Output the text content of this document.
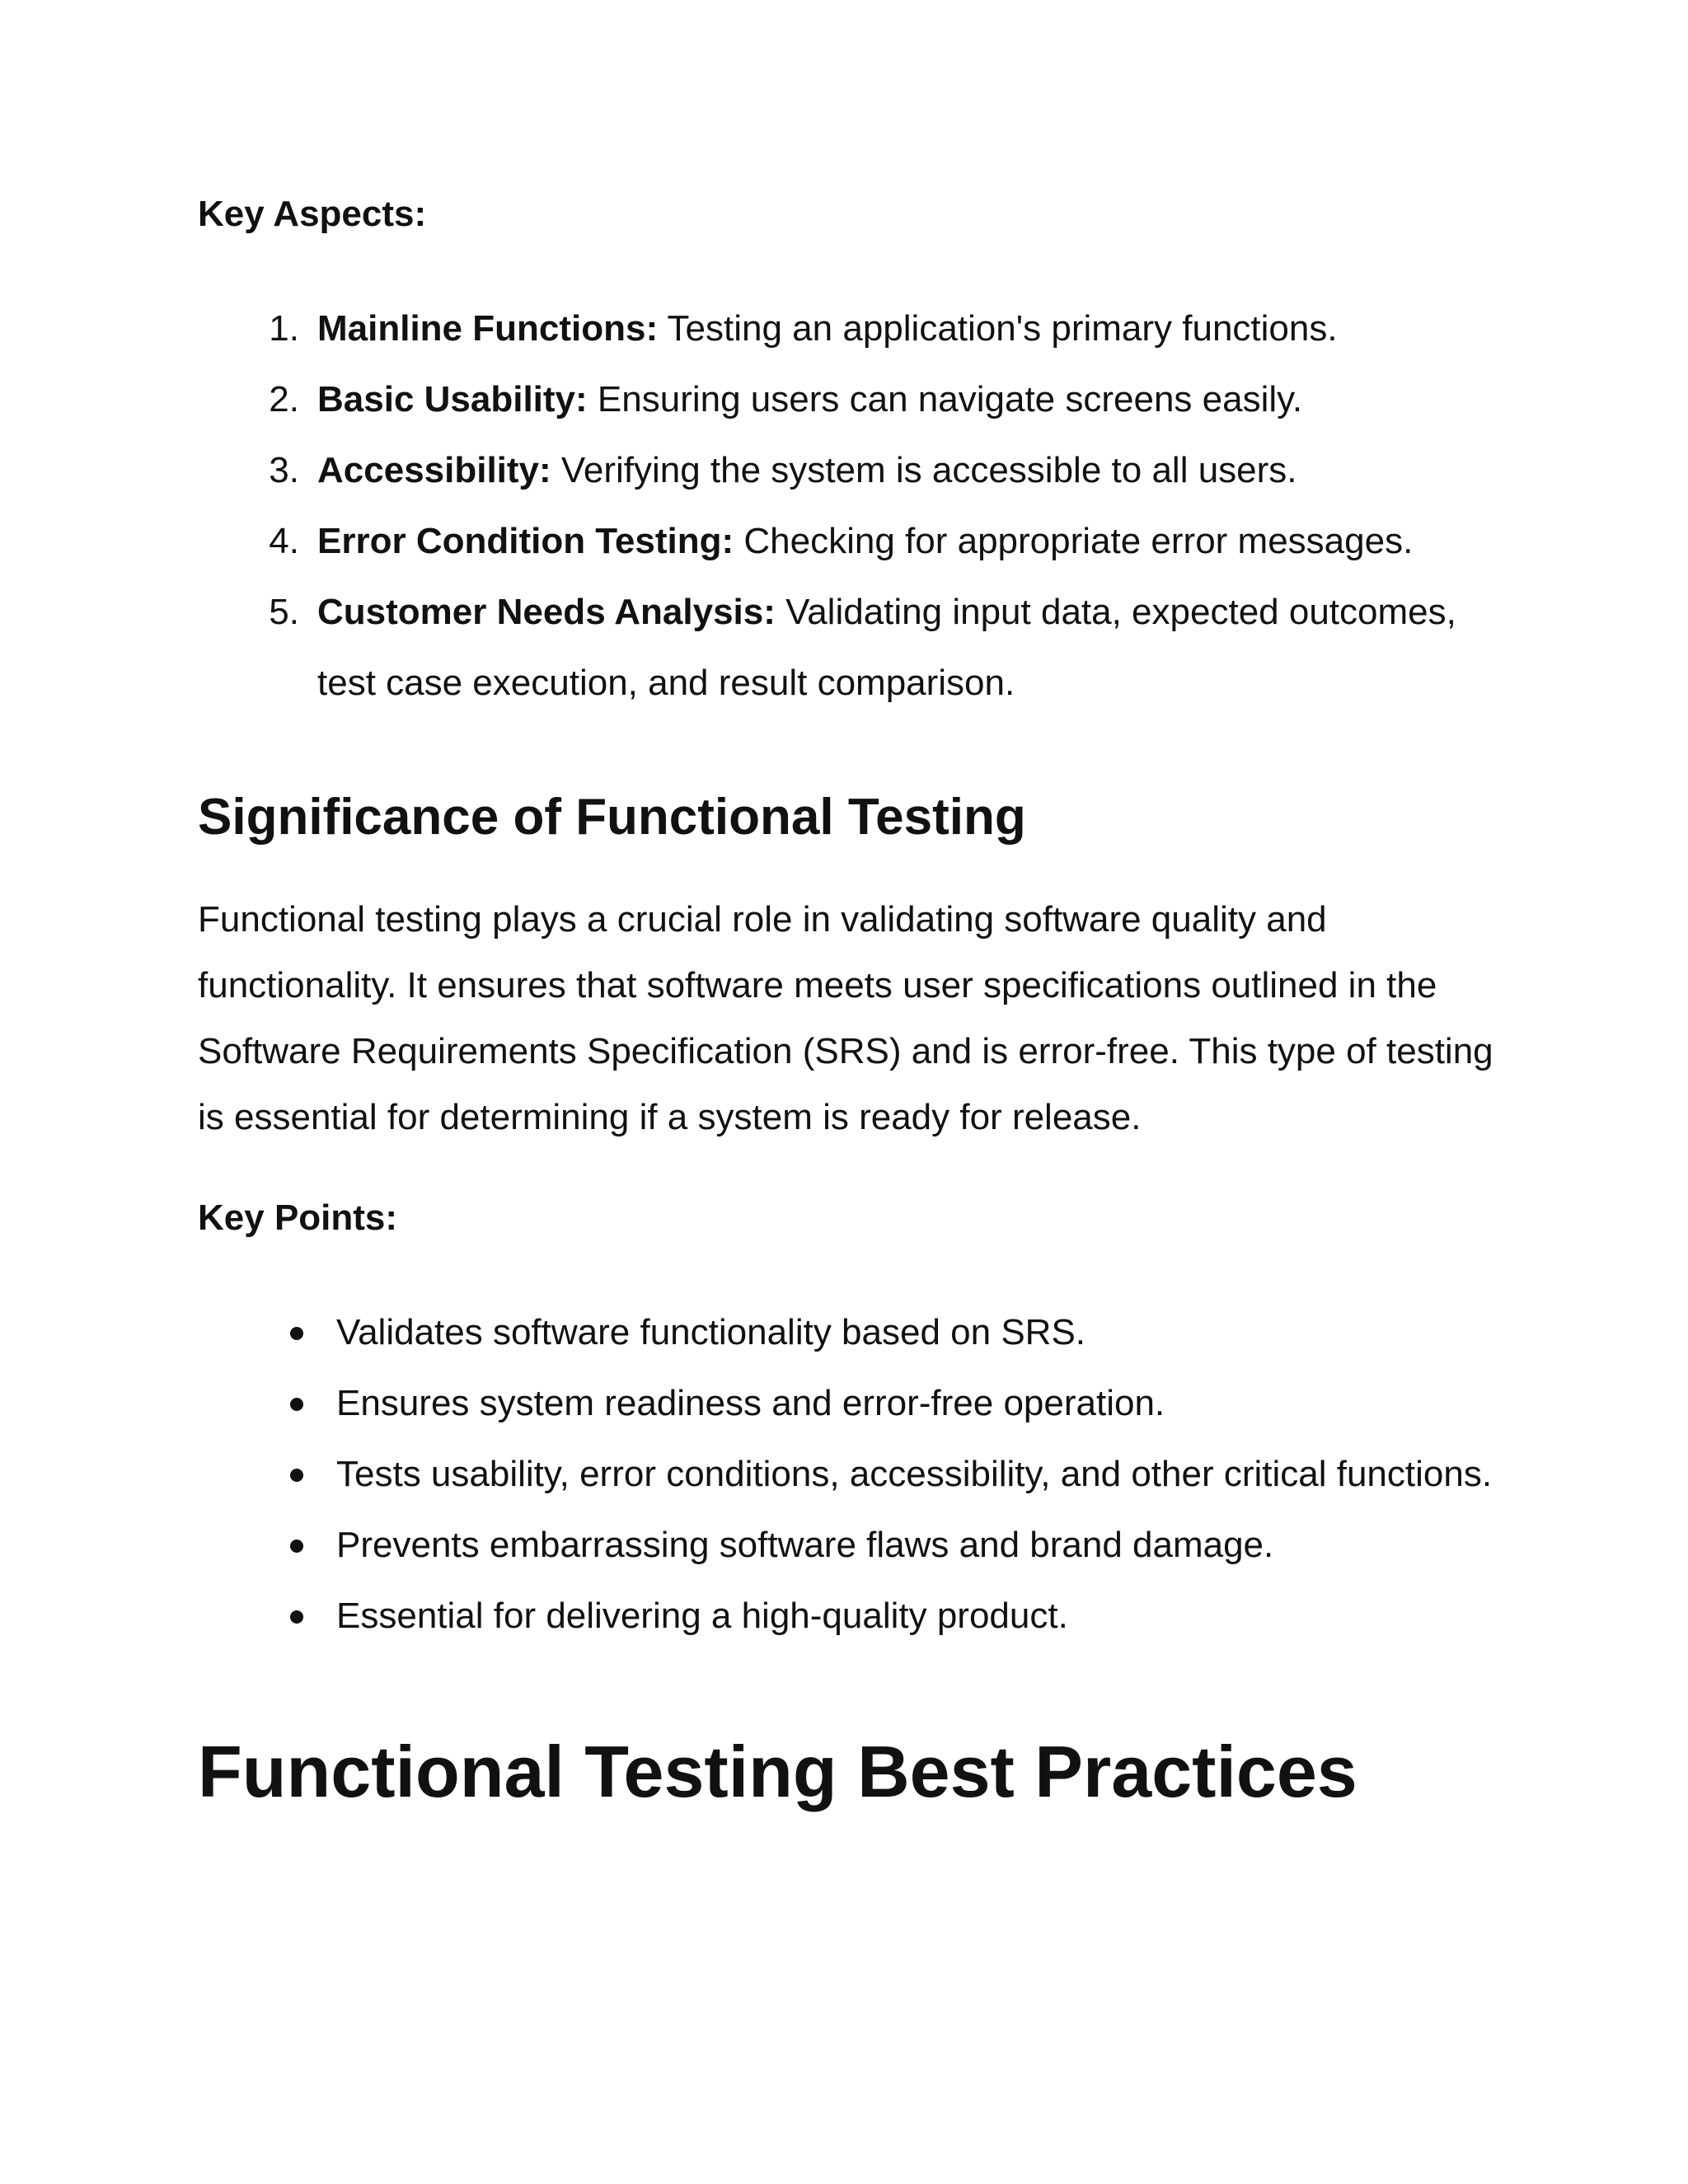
Key Aspects:

1. Mainline Functions: Testing an application's primary functions.
2. Basic Usability: Ensuring users can navigate screens easily.
3. Accessibility: Verifying the system is accessible to all users.
4. Error Condition Testing: Checking for appropriate error messages.
5. Customer Needs Analysis: Validating input data, expected outcomes, test case execution, and result comparison.
Significance of Functional Testing

Functional testing plays a crucial role in validating software quality and functionality. It ensures that software meets user specifications outlined in the Software Requirements Specification (SRS) and is error-free. This type of testing is essential for determining if a system is ready for release.

Key Points:

Validates software functionality based on SRS.
Ensures system readiness and error-free operation.
Tests usability, error conditions, accessibility, and other critical functions.
Prevents embarrassing software flaws and brand damage.
Essential for delivering a high-quality product.
Functional Testing Best Practices
